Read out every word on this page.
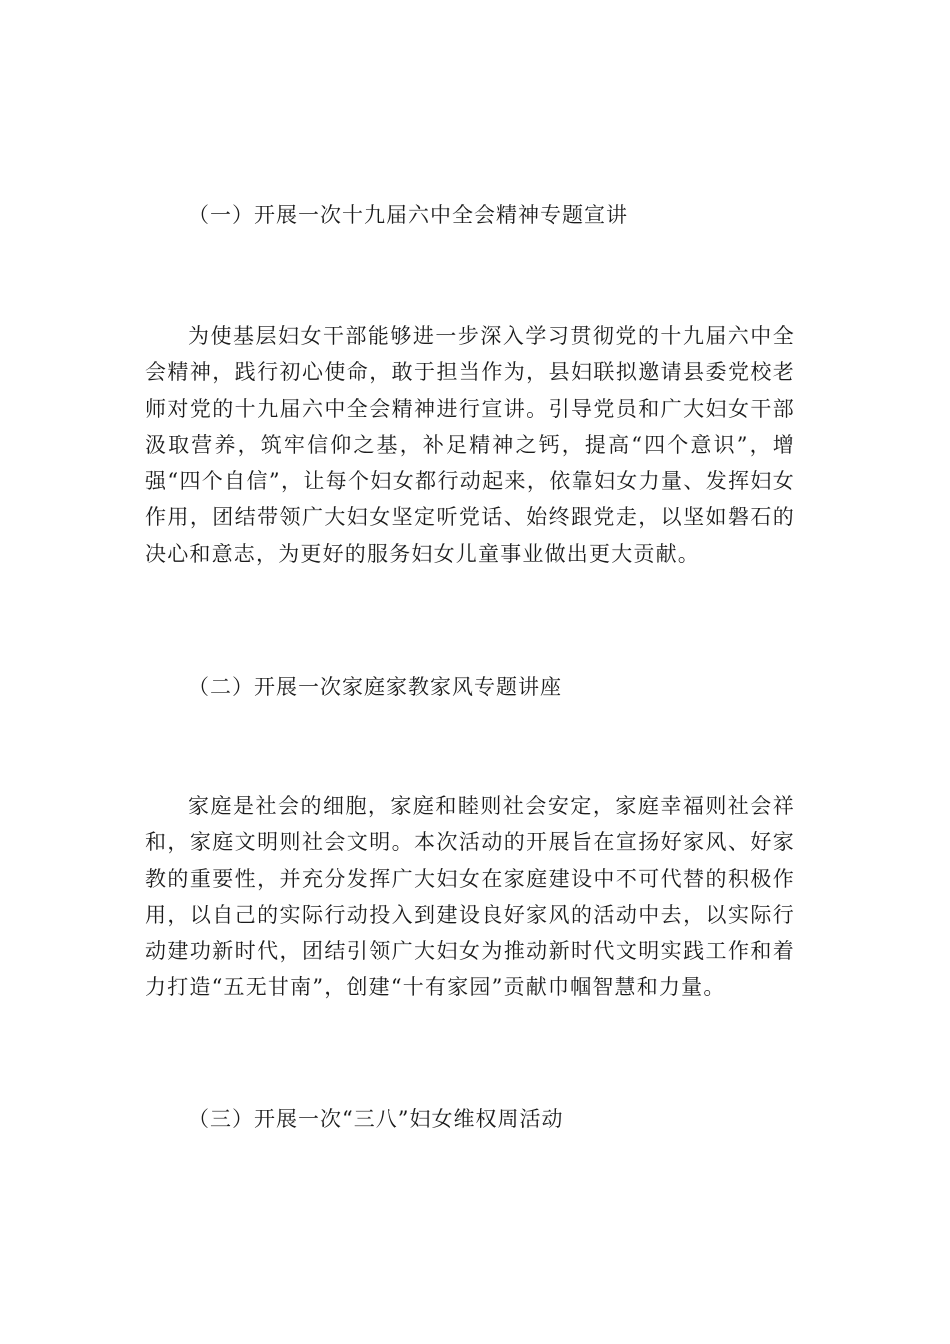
（一）开展一次十九届六中全会精神专题宣讲

为使基层妇女干部能够进一步深入学习贯彻党的十九届六中全会精神，践行初心使命，敢于担当作为，县妇联拟邀请县委党校老师对党的十九届六中全会精神进行宣讲。引导党员和广大妇女干部汲取营养，筑牢信仰之基，补足精神之钙，提高“四个意识”，增强“四个自信”，让每个妇女都行动起来，依靠妇女力量、发挥妇女作用，团结带领广大妇女坚定听党话、始终跟党走，以坚如磐石的决心和意志，为更好的服务妇女儿童事业做出更大贡献。

（二）开展一次家庭家教家风专题讲座

家庭是社会的细胞，家庭和睦则社会安定，家庭幸福则社会祥和，家庭文明则社会文明。本次活动的开展旨在宣扬好家风、好家教的重要性，并充分发挥广大妇女在家庭建设中不可代替的积极作用，以自己的实际行动投入到建设良好家风的活动中去，以实际行动建功新时代，团结引领广大妇女为推动新时代文明实践工作和着力打造“五无甘南”，创建“十有家园”贡献巾帼智慧和力量。

（三）开展一次“三八”妇女维权周活动
